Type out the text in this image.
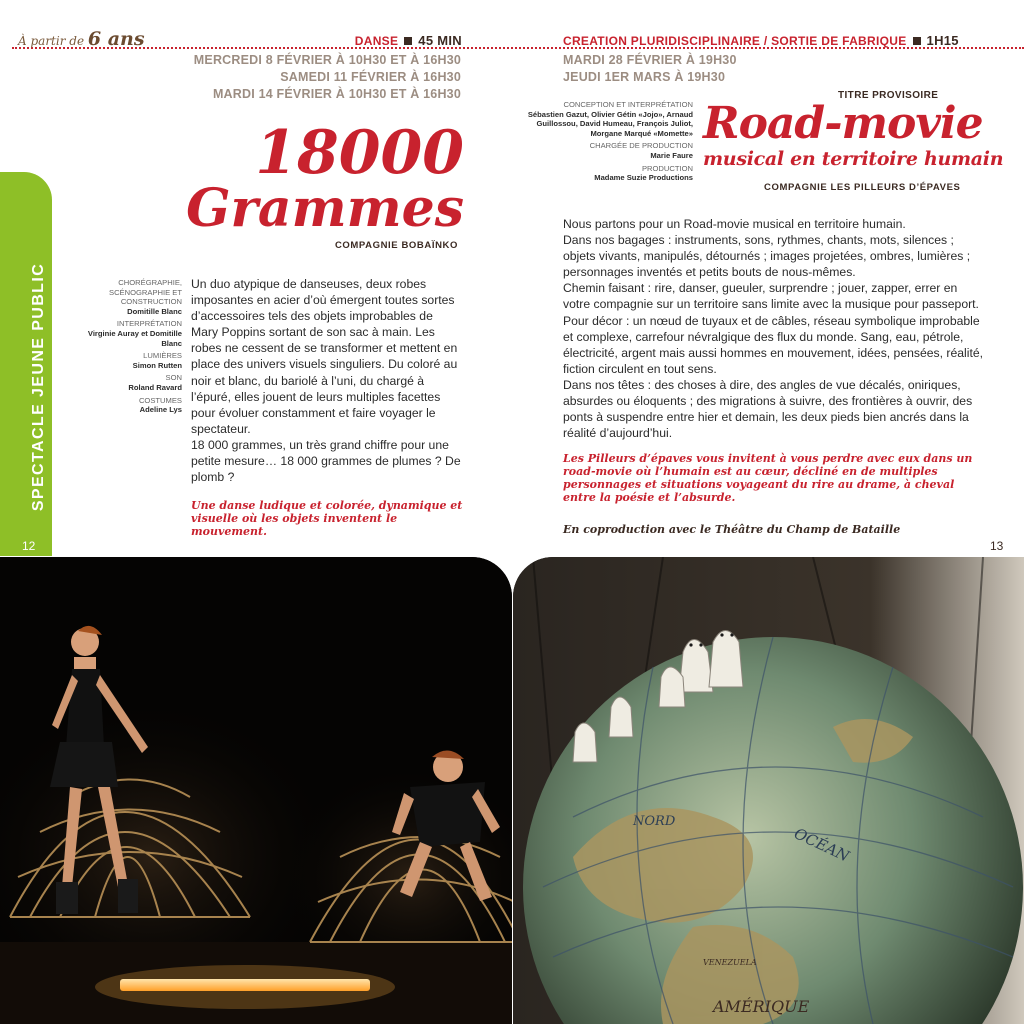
À partir de 6 ans	DANSE 45 MIN	CREATION PLURIDISCIPLINAIRE / SORTIE DE FABRIQUE 1H15
MERCREDI 8 FÉVRIER À 10H30 ET À 16H30
SAMEDI 11 FÉVRIER À 16H30
MARDI 14 FÉVRIER À 10H30 ET À 16H30
MARDI 28 FÉVRIER À 19H30
JEUDI 1ER MARS À 19H30
18000
Grammes
COMPAGNIE BOBAÏNKO
CHORÉGRAPHIE, SCÉNOGRAPHIE ET CONSTRUCTION
Domitille Blanc
INTERPRÉTATION
Virginie Auray et Domitille Blanc
LUMIÈRES
Simon Rutten
SON
Roland Ravard
COSTUMES
Adeline Lys

Un duo atypique de danseuses, deux robes imposantes en acier d’où émergent toutes sortes d’accessoires tels des objets improbables de Mary Poppins sortant de son sac à main. Les robes ne cessent de se transformer et mettent en place des univers visuels singuliers. Du coloré au noir et blanc, du bariolé à l’uni, du chargé à l’épuré, elles jouent de leurs multiples facettes pour évoluer constamment et faire voyager le spectateur.

18 000 grammes, un très grand chiffre pour une petite mesure… 18 000 grammes de plumes ? De plomb ?

Une danse ludique et colorée, dynamique et visuelle où les objets inventent le mouvement.
SPECTACLE JEUNE PUBLIC
12	13
CONCEPTION ET INTERPRÉTATION
Sébastien Gazut, Olivier Gétin «Jojo», Arnaud Guillossou, David Humeau, François Juliot, Morgane Marqué «Momette»
CHARGÉE DE PRODUCTION
Marie Faure
PRODUCTION
Madame Suzie Productions
TITRE PROVISOIRE
Road-movie
musical en territoire humain
COMPAGNIE LES PILLEURS D’ÉPAVES

Nous partons pour un Road-movie musical en territoire humain.

Dans nos bagages : instruments, sons, rythmes, chants, mots, silences ; objets vivants, manipulés, détournés ; images projetées, ombres, lumières ; personnages inventés et petits bouts de nous-mêmes.

Chemin faisant : rire, danser, gueuler, surprendre ; jouer, zapper, errer en votre compagnie sur un territoire sans limite avec la musique pour passeport.

Pour décor : un nœud de tuyaux et de câbles, réseau symbolique improbable et complexe, carrefour névralgique des flux du monde. Sang, eau, pétrole, électricité, argent mais aussi hommes en mouvement, idées, pensées, réalité, fiction circulent en tout sens.

Dans nos têtes : des choses à dire, des angles de vue décalés, oniriques, absurdes ou éloquents ; des migrations à suivre, des frontières à ouvrir, des ponts à suspendre entre hier et demain, les deux pieds bien ancrés dans la réalité d’aujourd’hui.

Les Pilleurs d’épaves vous invitent à vous perdre avec eux dans un road-movie où l’humain est au cœur, décliné en de multiples personnages et situations voyageant du rire au drame, à cheval entre la poésie et l’absurde.
En coproduction avec le Théâtre du Champ de Bataille
NORD
OCÉAN
VENEZUELA
AMÉRIQUE
